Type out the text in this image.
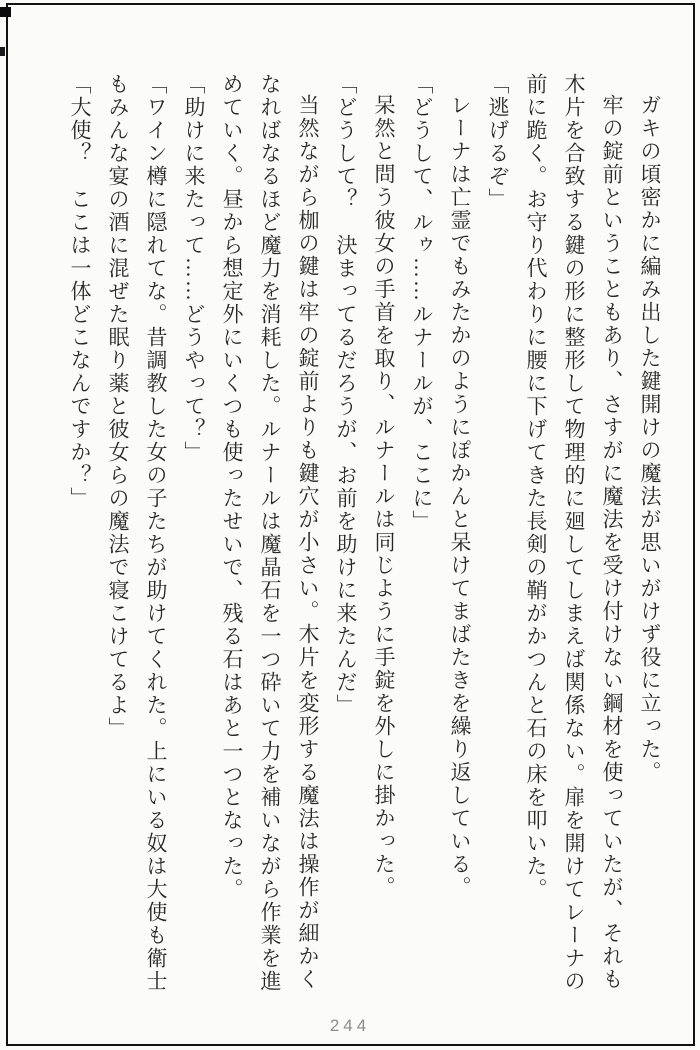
ガキの頃密かに編み出した鍵開けの魔法が思いがけず役に立った。

牢の錠前ということもあり、さすがに魔法を受け付けない鋼材を使っていたが、それも木片を合致する鍵の形に整形して物理的に廻してしまえば関係ない。扉を開けてレーナの前に跪く。お守り代わりに腰に下げてきた長剣の鞘がかつんと石の床を叩いた。

「逃げるぞ」

レーナは亡霊でもみたかのようにぽかんと呆けてまばたきを繰り返している。

「どうして、ルゥ……ルナールが、ここに」

呆然と問う彼女の手首を取り、ルナールは同じように手錠を外しに掛かった。

「どうして？　決まってるだろうが、お前を助けに来たんだ」

当然ながら枷の鍵は牢の錠前よりも鍵穴が小さい。木片を変形する魔法は操作が細かくなればなるほど魔力を消耗した。ルナールは魔晶石を一つ砕いて力を補いながら作業を進めていく。昼から想定外にいくつも使ったせいで、残る石はあと一つとなった。

「助けに来たって……どうやって？」

「ワイン樽に隠れてな。昔調教した女の子たちが助けてくれた。上にいる奴は大使も衛士もみんな宴の酒に混ぜた眠り薬と彼女らの魔法で寝こけてるよ」

「大使？　ここは一体どこなんですか？」

244
